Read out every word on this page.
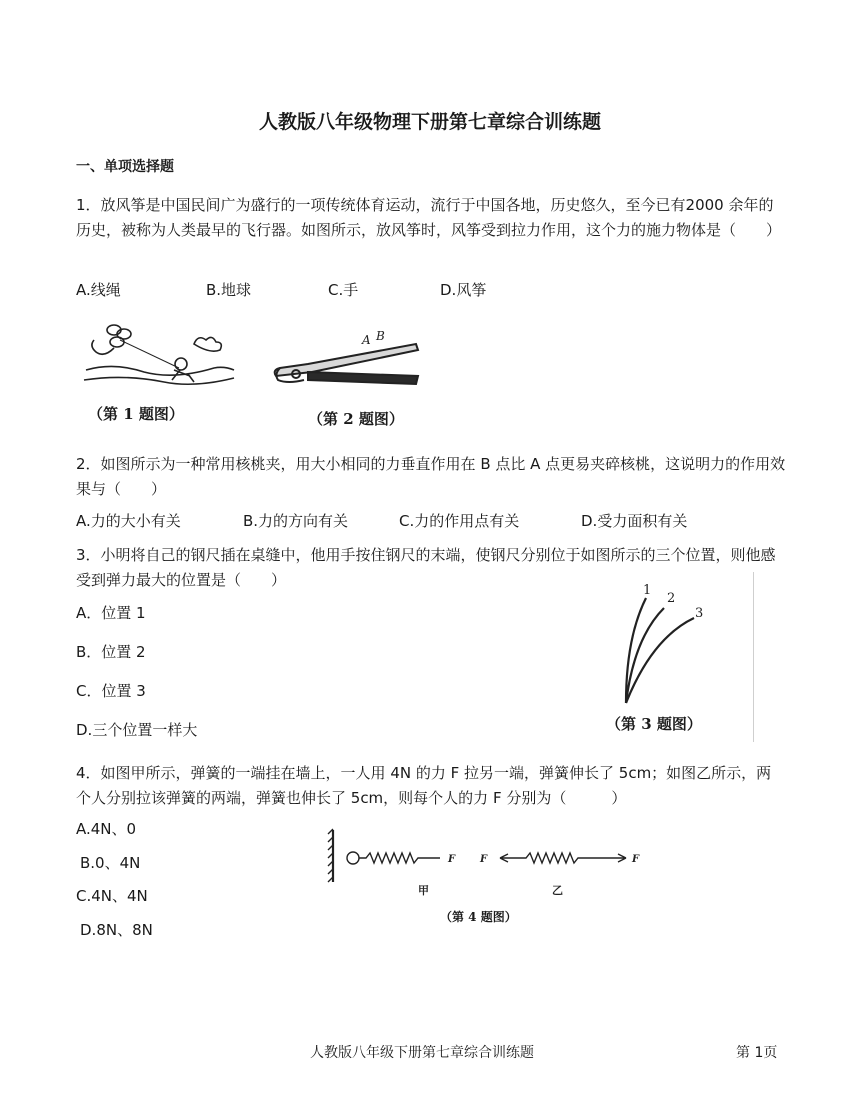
人教版八年级物理下册第七章综合训练题
一、单项选择题
1．放风筝是中国民间广为盛行的一项传统体育运动，流行于中国各地，历史悠久，至今已有2000 余年的历史，被称为人类最早的飞行器。如图所示，放风筝时，风筝受到拉力作用，这个力的施力物体是（　　）
A.线绳	B.地球	C.手	D.风筝
（第 1 题图）
A B
（第 2 题图）
2．如图所示为一种常用核桃夹，用大小相同的力垂直作用在 B 点比 A 点更易夹碎核桃，这说明力的作用效果与（　　）
A.力的大小有关	B.力的方向有关	C.力的作用点有关	D.受力面积有关
3．小明将自己的钢尺插在桌缝中，他用手按住钢尺的末端，使钢尺分别位于如图所示的三个位置，则他感受到弹力最大的位置是（　　）
A．位置 1
B．位置 2
C．位置 3
D.三个位置一样大
1
2
3
（第 3 题图）
4．如图甲所示，弹簧的一端挂在墙上，一人用 4N 的力 F 拉另一端，弹簧伸长了 5cm；如图乙所示，两个人分别拉该弹簧的两端，弹簧也伸长了 5cm，则每个人的力 F 分别为（　　　）
A.4N、0
B.0、4N
C.4N、4N
D.8N、8N
F F	F
甲	乙
（第 4 题图）
人教版八年级下册第七章综合训练题	第 1页
